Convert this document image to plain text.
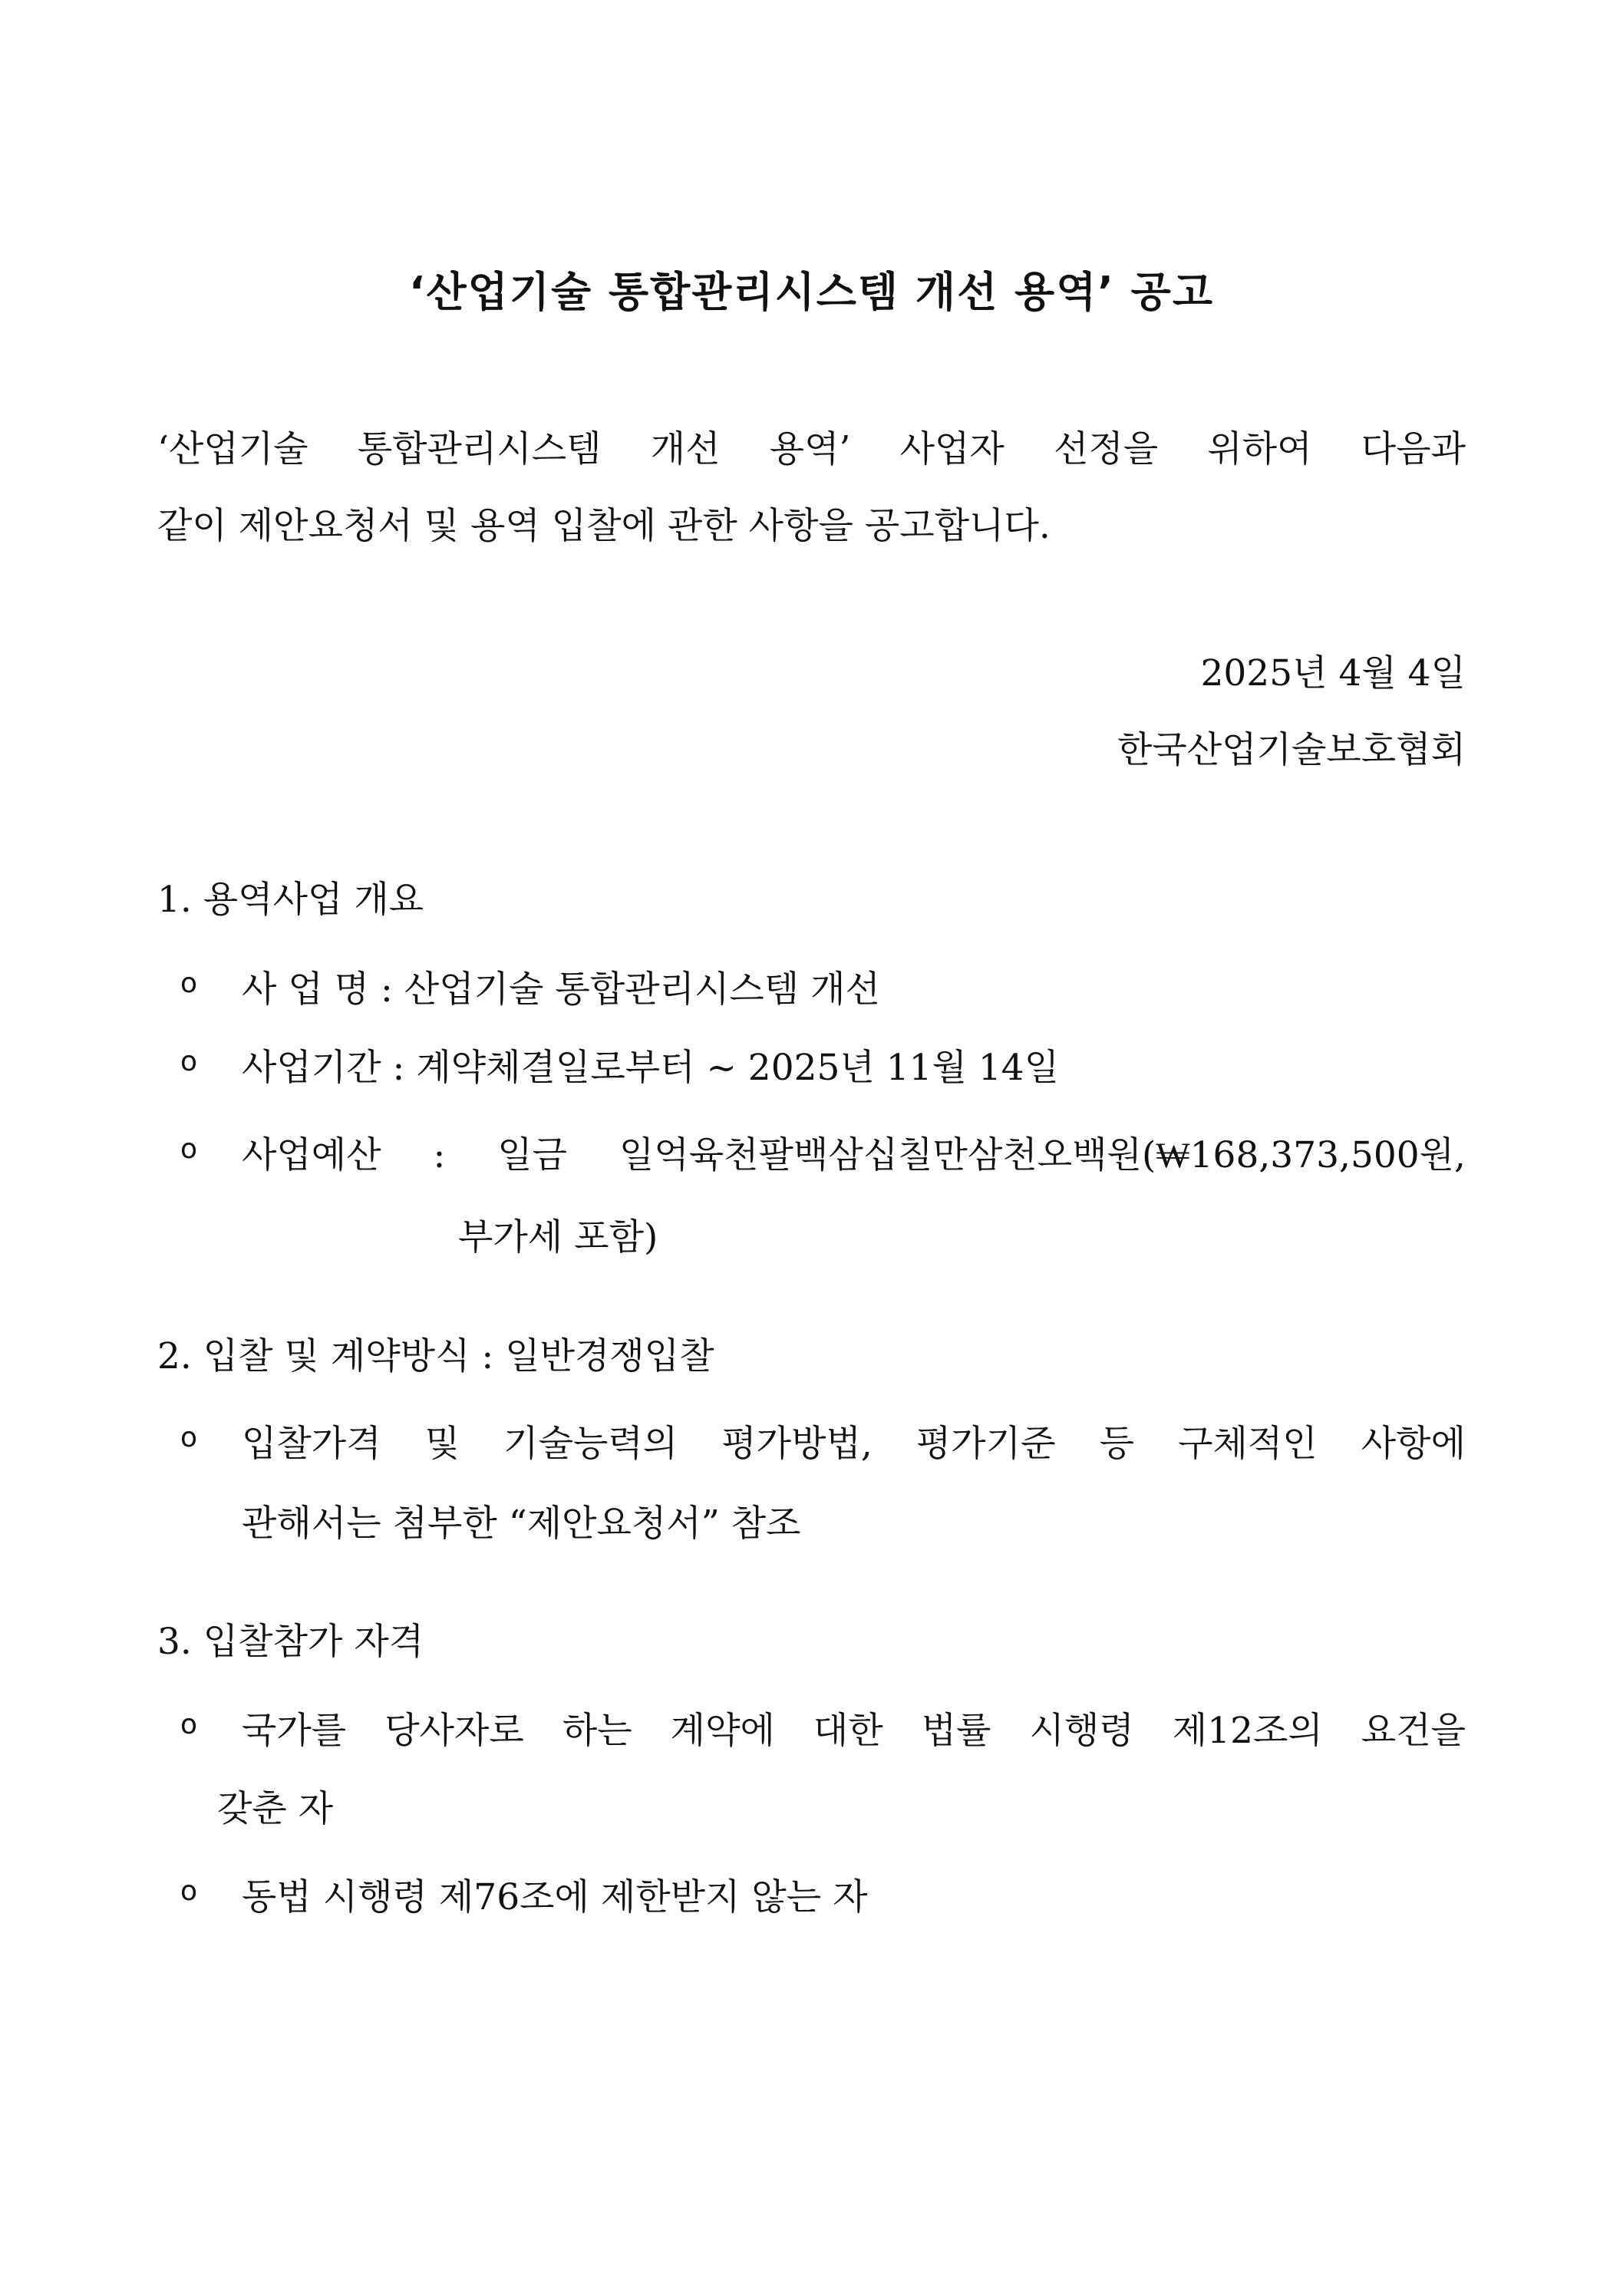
‘산업기술 통합관리시스템 개선 용역’ 공고
‘산업기술 통합관리시스템 개선 용역’ 사업자 선정을 위하여 다음과
같이 제안요청서 및 용역 입찰에 관한 사항을 공고합니다.
2025년 4월 4일
한국산업기술보호협회
1. 용역사업 개요
o	사 업 명 : 산업기술 통합관리시스템 개선
o	사업기간 : 계약체결일로부터 ~ 2025년 11월 14일
o	사업예산 : 일금 일억육천팔백삼십칠만삼천오백원(₩168,373,500원,
부가세 포함)
2. 입찰 및 계약방식 : 일반경쟁입찰
o	입찰가격 및 기술능력의 평가방법, 평가기준 등 구체적인 사항에
관해서는 첨부한 “제안요청서” 참조
3. 입찰참가 자격
o	국가를 당사자로 하는 계약에 대한 법률 시행령 제12조의 요건을
갖춘 자
o	동법 시행령 제76조에 제한받지 않는 자
